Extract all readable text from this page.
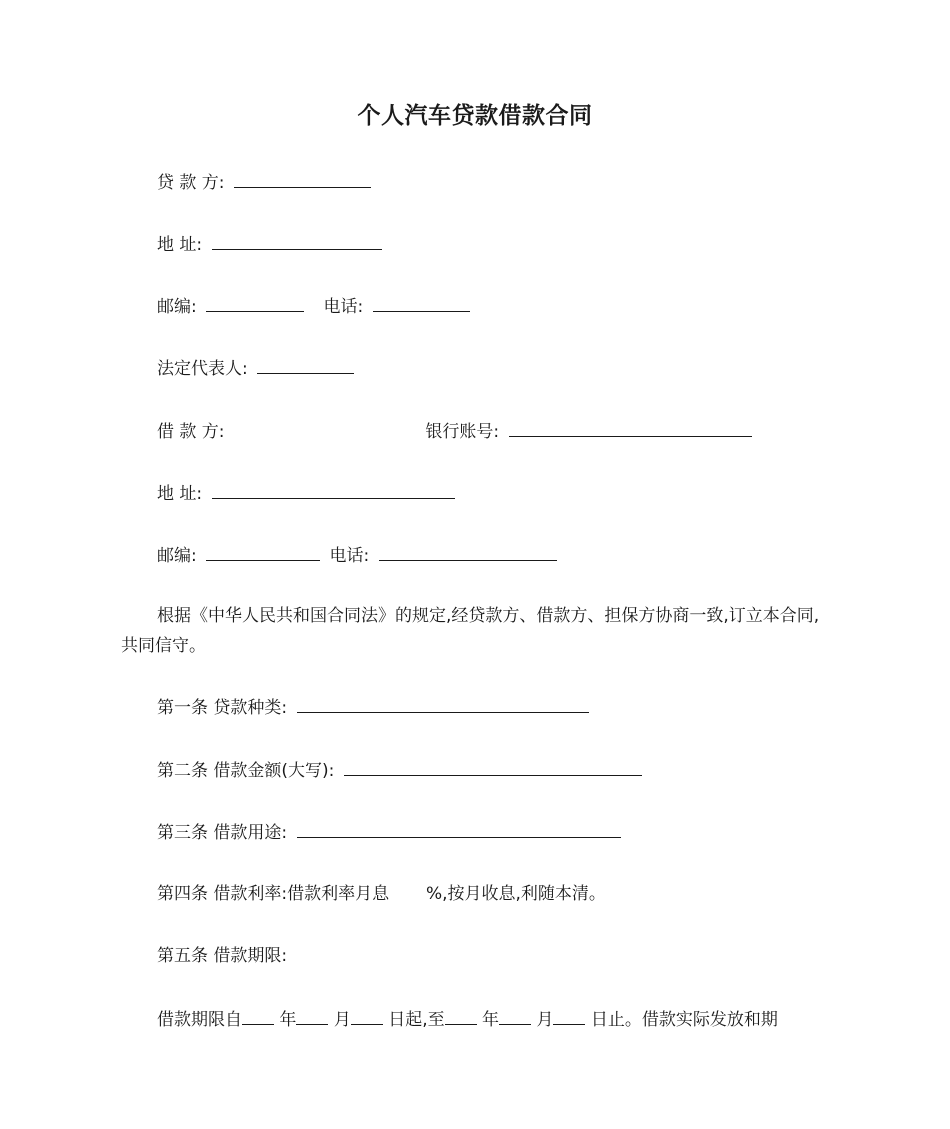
个人汽车贷款借款合同
贷 款 方:
地 址:
邮编:	电话:
法定代表人:
借 款 方:	银行账号:
地 址:
邮编:	电话:
根据《中华人民共和国合同法》的规定,经贷款方、借款方、担保方协商一致,订立本合同,共同信守。
第一条 贷款种类:
第二条 借款金额(大写):
第三条 借款用途:
第四条 借款利率:借款利率月息 %,按月收息,利随本清。
第五条 借款期限:
借款期限自 年 月 日起,至 年 月 日止。借款实际发放和期
